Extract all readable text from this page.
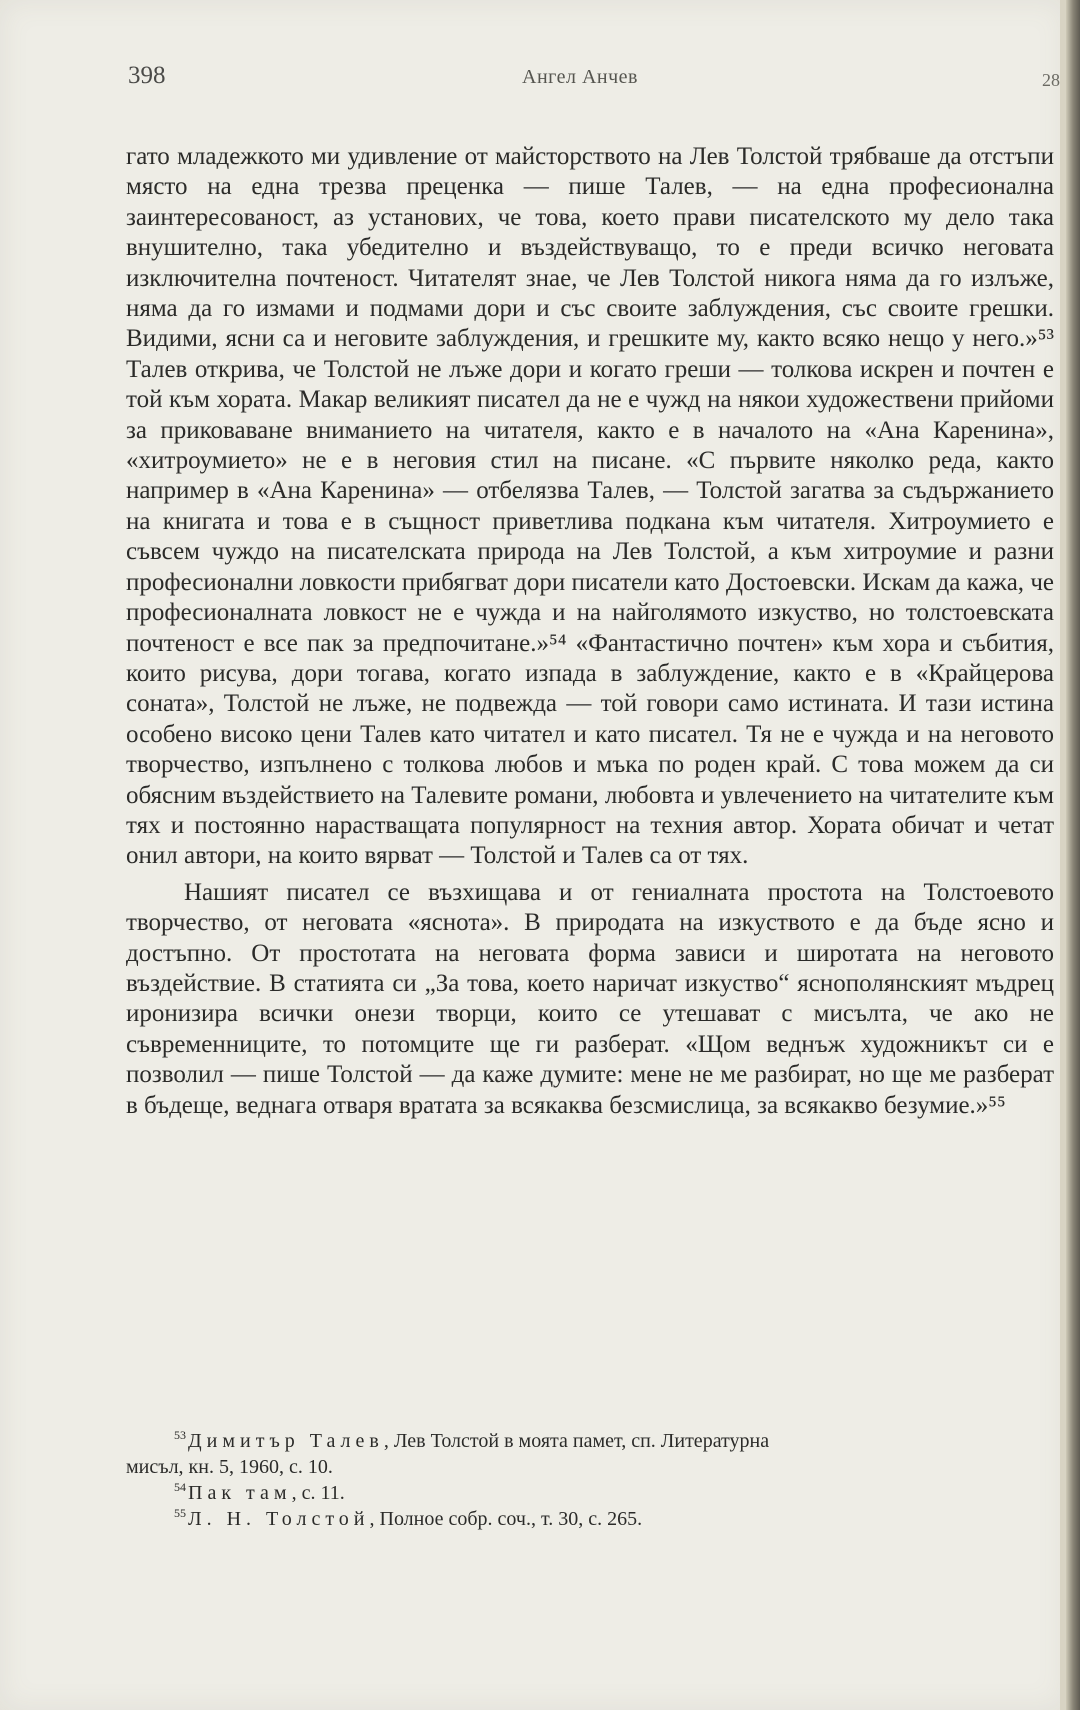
398	Ангел Анчев	28

гато младежкото ми удивление от майсторството на Лев Толстой трябваше да отстъпи място на една трезва преценка — пише Талев, — на една професионална заинтересованост, аз установих, че това, което прави писателското му дело така внушително, така убедително и въздействуващо, то е преди всичко неговата изключителна почтеност. Читателят знае, че Лев Толстой никога няма да го излъже, няма да го измами и подмами дори и със своите заблуждения, със своите грешки. Видими, ясни са и неговите заблуждения, и грешките му, както всяко нещо у него.»⁵³ Талев открива, че Толстой не лъже дори и когато греши — толкова искрен и почтен е той към хората. Макар великият писател да не е чужд на някои художествени прийоми за приковаване вниманието на читателя, както е в началото на «Ана Каренина», «хитроумието» не е в неговия стил на писане. «С първите няколко реда, както например в «Ана Каренина» — отбелязва Талев, — Толстой загатва за съдържанието на книгата и това е в същност приветлива подкана към читателя. Хитроумието е съвсем чуждо на писателската природа на Лев Толстой, а към хитроумие и разни професионални ловкости прибягват дори писатели като Достоевски. Искам да кажа, че професионалната ловкост не е чужда и на найголямото изкуство, но толстоевската почтеност е все пак за предпочитане.»⁵⁴ «Фантастично почтен» към хора и събития, които рисува, дори тогава, когато изпада в заблуждение, както е в «Крайцерова соната», Толстой не лъже, не подвежда — той говори само истината. И тази истина особено високо цени Талев като читател и като писател. Тя не е чужда и на неговото творчество, изпълнено с толкова любов и мъка по роден край. С това можем да си обясним въздействието на Талевите романи, любовта и увлечението на читателите към тях и постоянно нарастващата популярност на техния автор. Хората обичат и четат онил автори, на които вярват — Толстой и Талев са от тях.

Нашият писател се възхищава и от гениалната простота на Толстоевото творчество, от неговата «яснота». В природата на изкуството е да бъде ясно и достъпно. От простотата на неговата форма зависи и широтата на неговото въздействие. В статията си „За това, което наричат изкуство“ яснополянският мъдрец иронизира всички онези творци, които се утешават с мисълта, че ако не съвременниците, то потомците ще ги разберат. «Щом веднъж художникът си е позволил — пише Толстой — да каже думите: мене не ме разбират, но ще ме разберат в бъдеще, веднага отваря вратата за всякаква безсмислица, за всякакво безумие.»⁵⁵

$^{53}$ Димитър Талев, Лев Толстой в моята памет, сп. Литературна

мисъл, кн. 5, 1960, с. 10.

$^{54}$ Пак там, с. 11.

$^{55}$ Л. Н. Толстой, Полное собр. соч., т. 30, с. 265.
